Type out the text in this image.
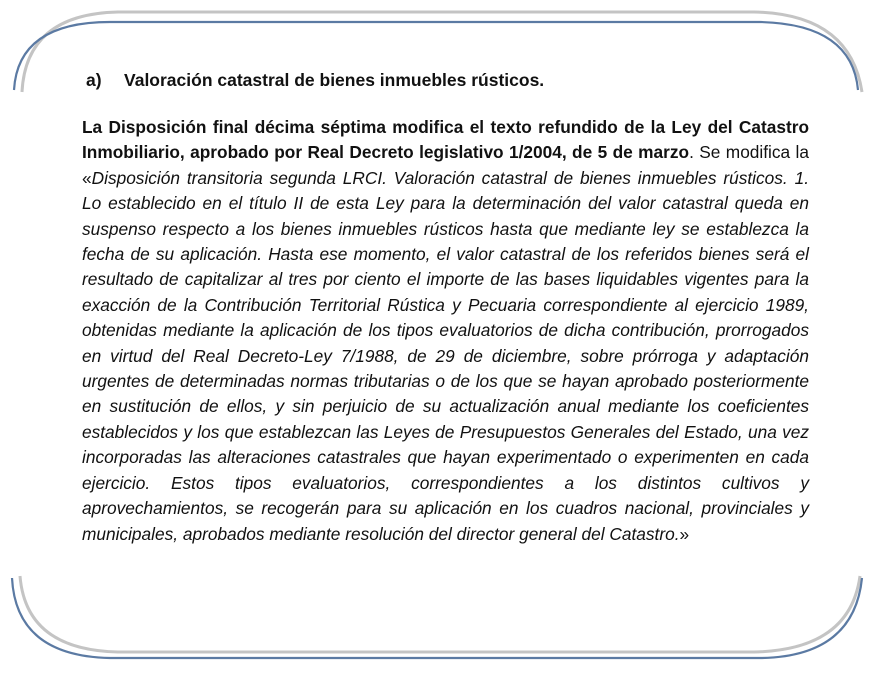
a) Valoración catastral de bienes inmuebles rústicos.
La Disposición final décima séptima modifica el texto refundido de la Ley del Catastro Inmobiliario, aprobado por Real Decreto legislativo 1/2004, de 5 de marzo. Se modifica la «Disposición transitoria segunda LRCI. Valoración catastral de bienes inmuebles rústicos. 1. Lo establecido en el título II de esta Ley para la determinación del valor catastral queda en suspenso respecto a los bienes inmuebles rústicos hasta que mediante ley se establezca la fecha de su aplicación. Hasta ese momento, el valor catastral de los referidos bienes será el resultado de capitalizar al tres por ciento el importe de las bases liquidables vigentes para la exacción de la Contribución Territorial Rústica y Pecuaria correspondiente al ejercicio 1989, obtenidas mediante la aplicación de los tipos evaluatorios de dicha contribución, prorrogados en virtud del Real Decreto-Ley 7/1988, de 29 de diciembre, sobre prórroga y adaptación urgentes de determinadas normas tributarias o de los que se hayan aprobado posteriormente en sustitución de ellos, y sin perjuicio de su actualización anual mediante los coeficientes establecidos y los que establezcan las Leyes de Presupuestos Generales del Estado, una vez incorporadas las alteraciones catastrales que hayan experimentado o experimenten en cada ejercicio. Estos tipos evaluatorios, correspondientes a los distintos cultivos y aprovechamientos, se recogerán para su aplicación en los cuadros nacional, provinciales y municipales, aprobados mediante resolución del director general del Catastro.»
